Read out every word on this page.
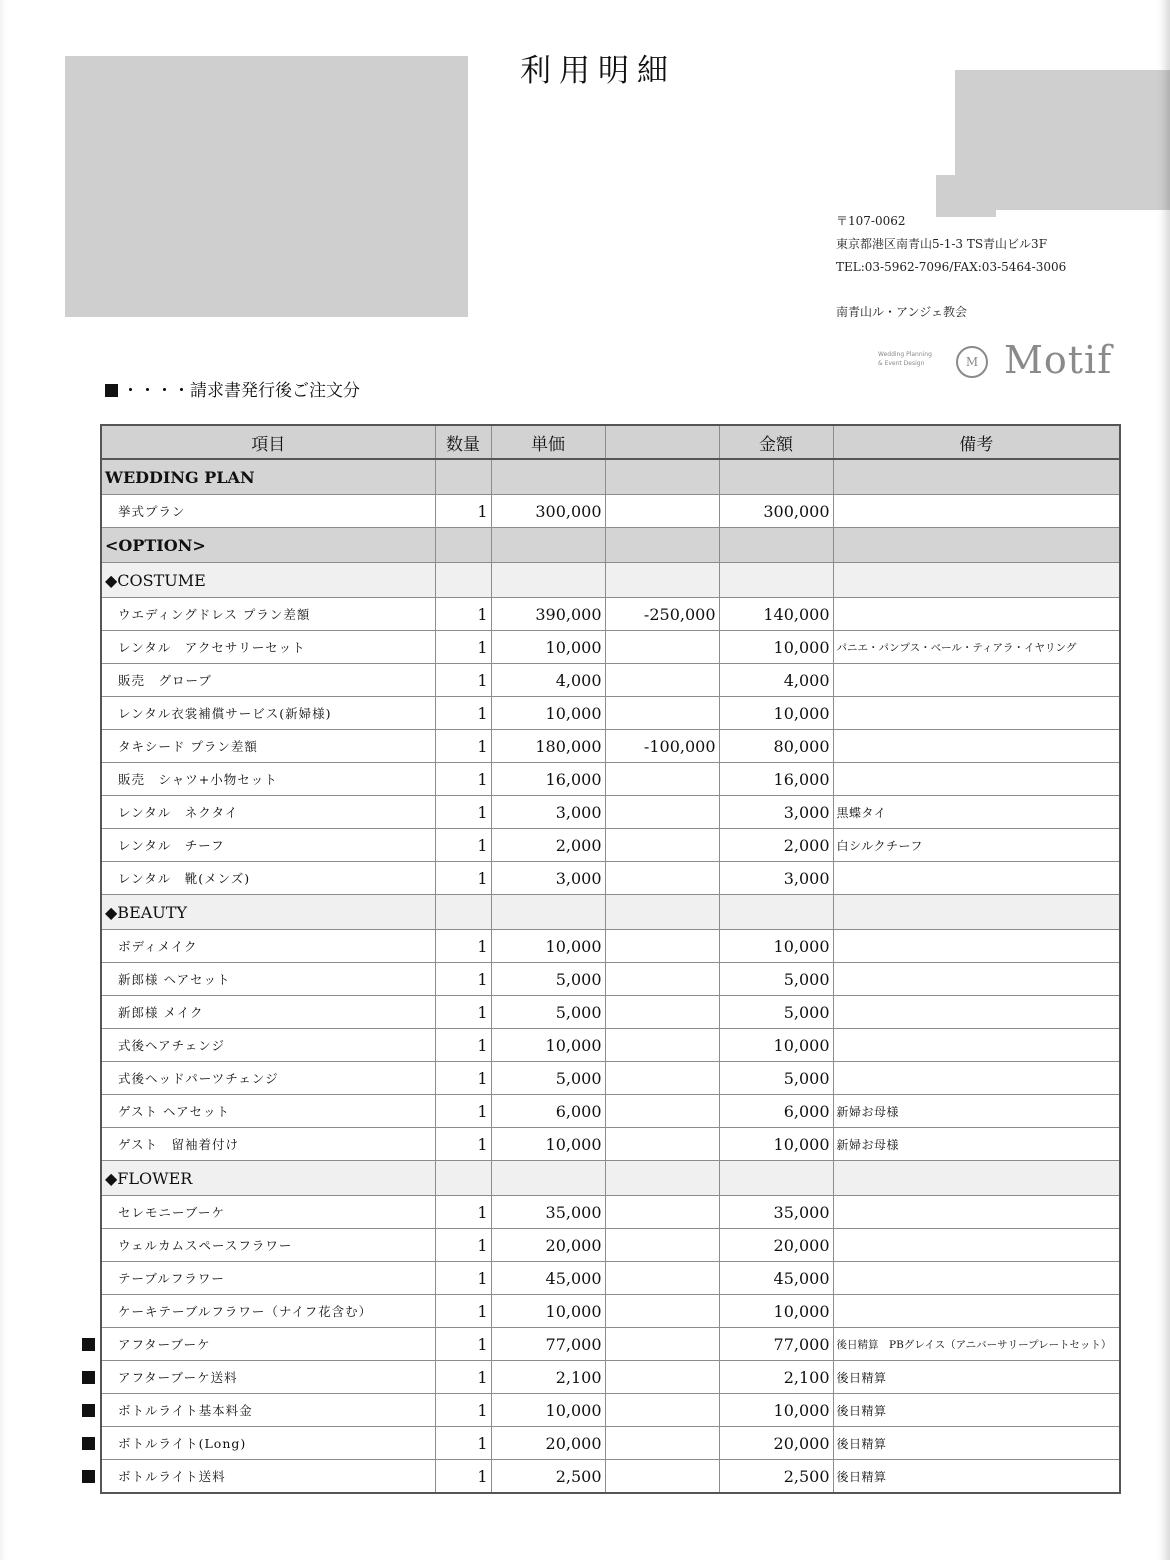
利用明細
〒107-0062
東京都港区南青山5-1-3 TS青山ビル3F
TEL:03-5962-7096/FAX:03-5464-3006
南青山ル・アンジェ教会
Wedding Planning
& Event Design	M Motif
・・・・請求書発行後ご注文分
項目	数量	単価		金額	備考
WEDDING PLAN					
挙式プラン	1	300,000		300,000	
<OPTION>					
◆COSTUME					
ウエディングドレス プラン差額	1	390,000	-250,000	140,000	
レンタル　アクセサリーセット	1	10,000		10,000	パニエ・パンプス・ベール・ティアラ・イヤリング
販売　グローブ	1	4,000		4,000	
レンタル衣裳補償サービス(新婦様)	1	10,000		10,000	
タキシード プラン差額	1	180,000	-100,000	80,000	
販売　シャツ+小物セット	1	16,000		16,000	
レンタル　ネクタイ	1	3,000		3,000	黒蝶タイ
レンタル　チーフ	1	2,000		2,000	白シルクチーフ
レンタル　靴(メンズ)	1	3,000		3,000	
◆BEAUTY					
ボディメイク	1	10,000		10,000	
新郎様 ヘアセット	1	5,000		5,000	
新郎様 メイク	1	5,000		5,000	
式後ヘアチェンジ	1	10,000		10,000	
式後ヘッドパーツチェンジ	1	5,000		5,000	
ゲスト ヘアセット	1	6,000		6,000	新婦お母様
ゲスト　留袖着付け	1	10,000		10,000	新婦お母様
◆FLOWER					
セレモニーブーケ	1	35,000		35,000	
ウェルカムスペースフラワー	1	20,000		20,000	
テーブルフラワー	1	45,000		45,000	
ケーキテーブルフラワー（ナイフ花含む）	1	10,000		10,000	
アフターブーケ	1	77,000		77,000	後日精算　PBグレイス（アニバーサリープレートセット）
アフターブーケ送料	1	2,100		2,100	後日精算
ボトルライト基本料金	1	10,000		10,000	後日精算
ボトルライト(Long)	1	20,000		20,000	後日精算
ボトルライト送料	1	2,500		2,500	後日精算
